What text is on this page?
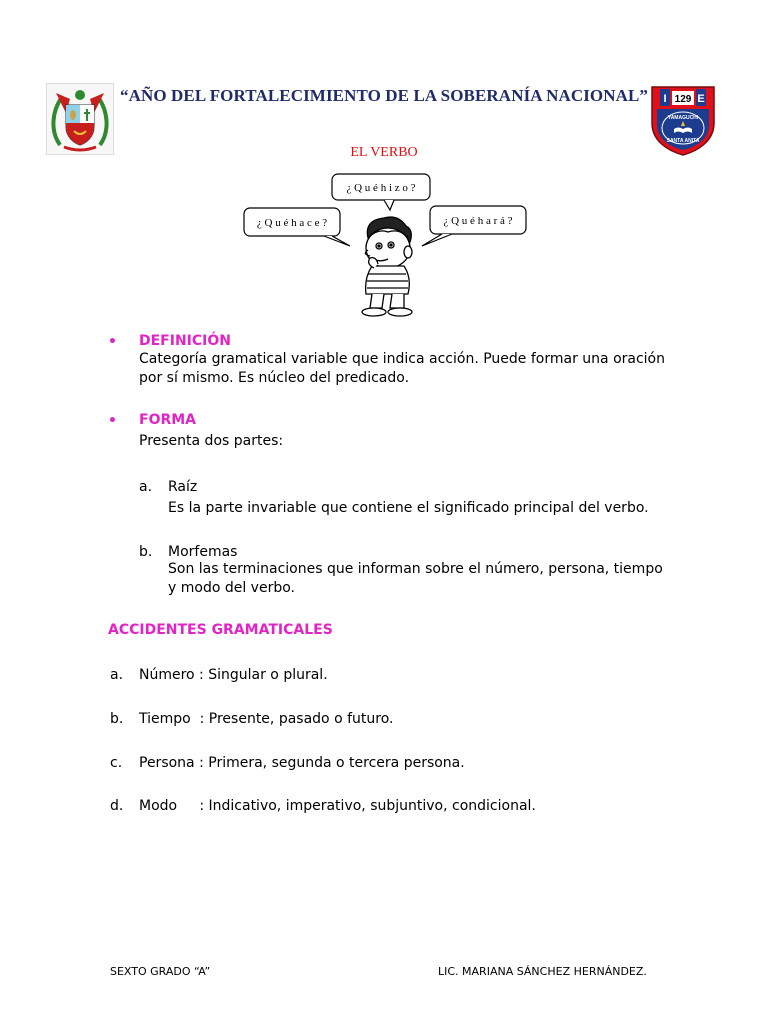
“AÑO DEL FORTALECIMIENTO DE LA SOBERANÍA NACIONAL” I 129 E
YAMAGUCHI
SANTA ANITA
EL VERBO
¿ Q u é h i z o ?
¿ Q u é h a c e ?	¿ Q u é h a r á ?
• DEFINICIÓN
Categoría gramatical variable que indica acción. Puede formar una oración
por sí mismo. Es núcleo del predicado.
• FORMA
Presenta dos partes:
a. Raíz
Es la parte invariable que contiene el significado principal del verbo.
b. Morfemas
Son las terminaciones que informan sobre el número, persona, tiempo
y modo del verbo.
ACCIDENTES GRAMATICALES
a. Número : Singular o plural.
b. Tiempo  : Presente, pasado o futuro.
c. Persona : Primera, segunda o tercera persona.
d. Modo     : Indicativo, imperativo, subjuntivo, condicional.
SEXTO GRADO “A”	LIC. MARIANA SÁNCHEZ HERNÁNDEZ.
